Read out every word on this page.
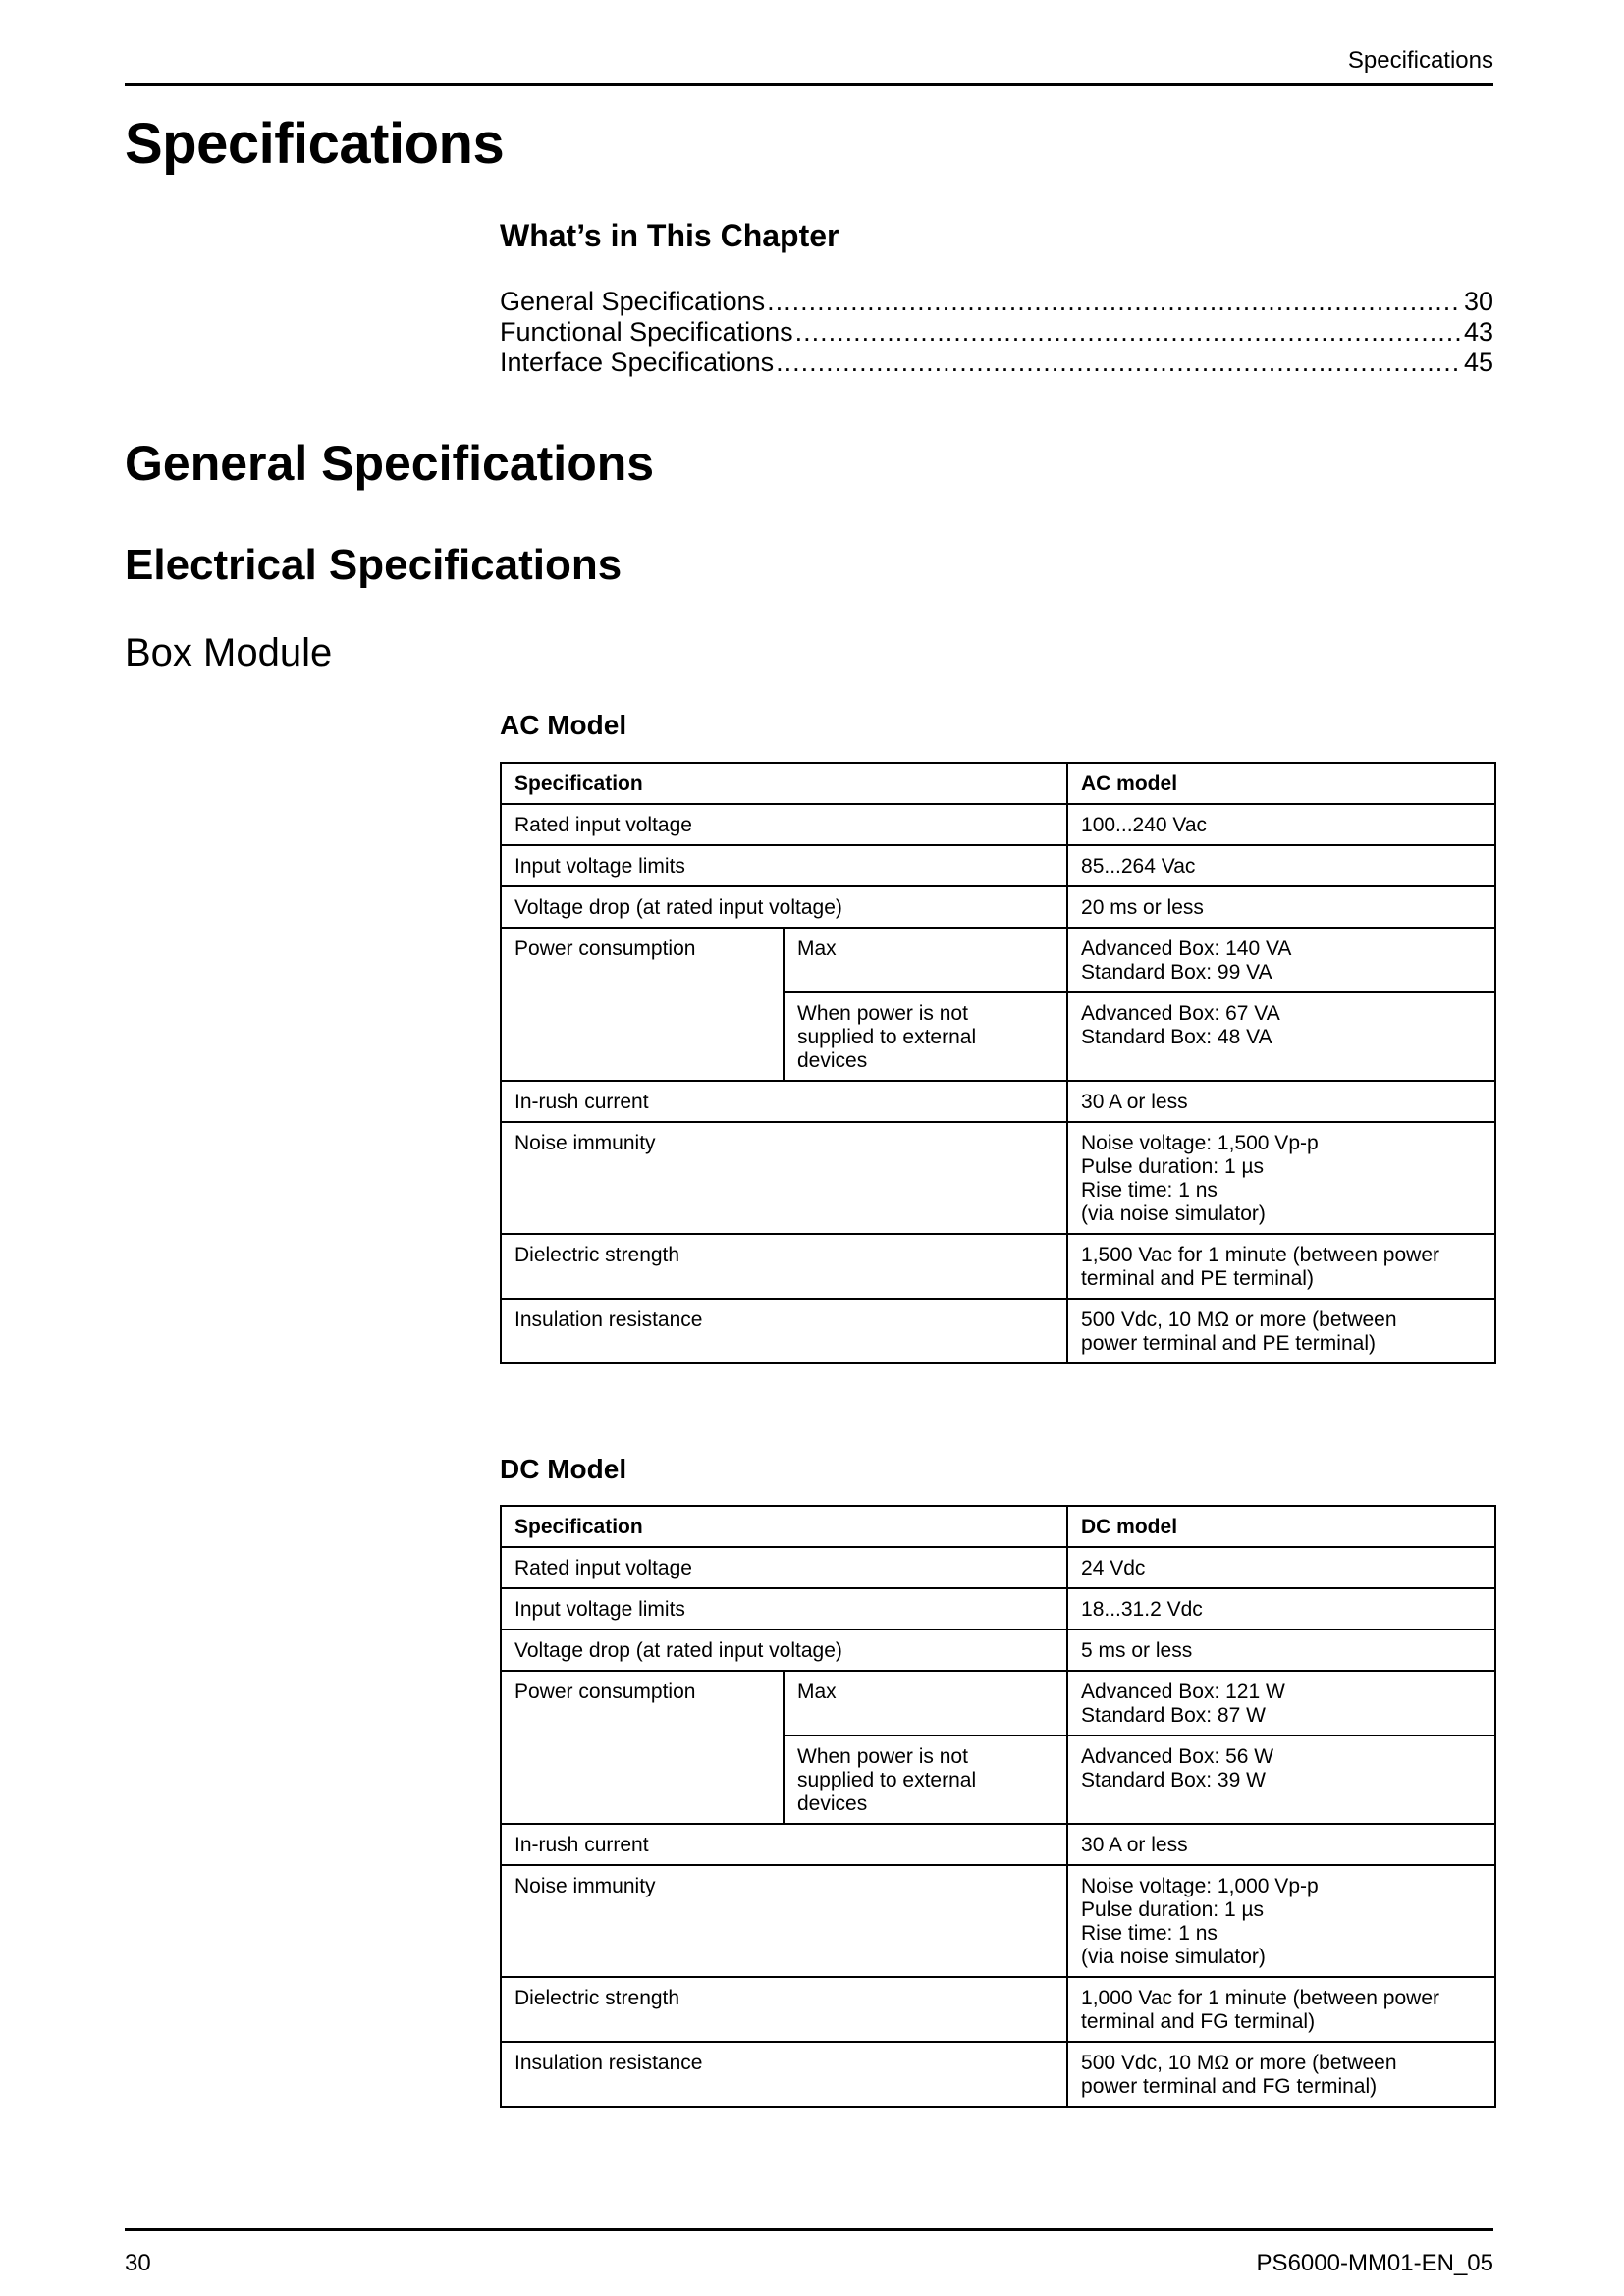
Specifications
Specifications
What’s in This Chapter
General Specifications .....	30
Functional Specifications .....	43
Interface Specifications .....	45
General Specifications
Electrical Specifications
Box Module
AC Model
Specification		AC model
Rated input voltage		100...240 Vac
Input voltage limits		85...264 Vac
Voltage drop (at rated input voltage)		20 ms or less
Power consumption	Max	Advanced Box: 140 VA
Standard Box: 99 VA

	When power is not
supplied to external
devices	Advanced Box: 67 VA
Standard Box: 48 VA

In-rush current		30 A or less
Noise immunity		Noise voltage: 1,500 Vp-p
Pulse duration: 1 µs
Rise time: 1 ns
(via noise simulator)

Dielectric strength		1,500 Vac for 1 minute (between power
terminal and PE terminal)

Insulation resistance		500 Vdc, 10 MΩ or more (between
power terminal and PE terminal)
DC Model
Specification		DC model
Rated input voltage		24 Vdc
Input voltage limits		18...31.2 Vdc
Voltage drop (at rated input voltage)		5 ms or less
Power consumption	Max	Advanced Box: 121 W
Standard Box: 87 W

	When power is not
supplied to external
devices	Advanced Box: 56 W
Standard Box: 39 W

In-rush current		30 A or less
Noise immunity		Noise voltage: 1,000 Vp-p
Pulse duration: 1 µs
Rise time: 1 ns
(via noise simulator)

Dielectric strength		1,000 Vac for 1 minute (between power
terminal and FG terminal)

Insulation resistance		500 Vdc, 10 MΩ or more (between
power terminal and FG terminal)
30	PS6000-MM01-EN_05
